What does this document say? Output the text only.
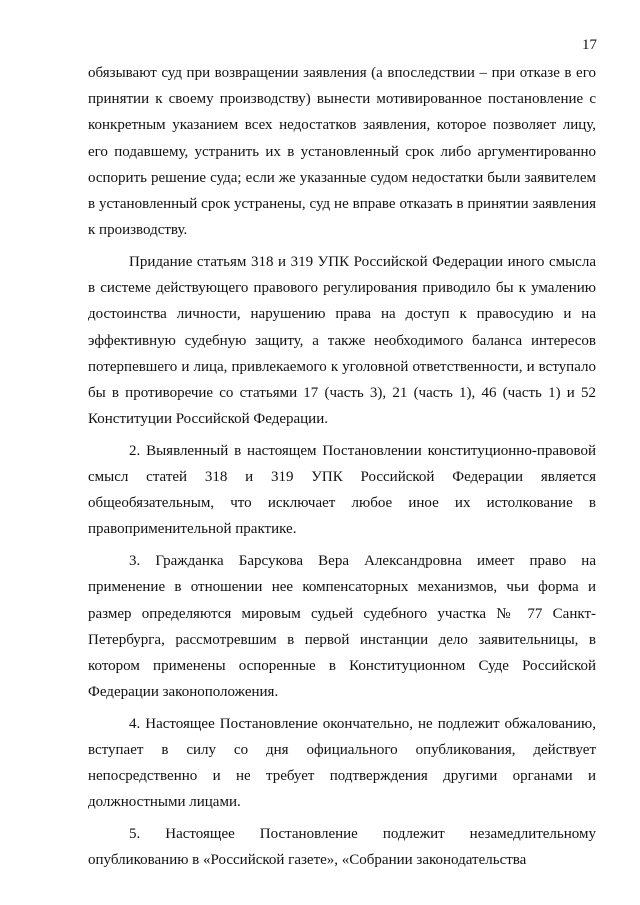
17

обязывают суд при возвращении заявления (а впоследствии – при отказе в его принятии к своему производству) вынести мотивированное постановление с конкретным указанием всех недостатков заявления, которое позволяет лицу, его подавшему, устранить их в установленный срок либо аргументированно оспорить решение суда; если же указанные судом недостатки были заявителем в установленный срок устранены, суд не вправе отказать в принятии заявления к производству.

Придание статьям 318 и 319 УПК Российской Федерации иного смысла в системе действующего правового регулирования приводило бы к умалению достоинства личности, нарушению права на доступ к правосудию и на эффективную судебную защиту, а также необходимого баланса интересов потерпевшего и лица, привлекаемого к уголовной ответственности, и вступало бы в противоречие со статьями 17 (часть 3), 21 (часть 1), 46 (часть 1) и 52 Конституции Российской Федерации.

2. Выявленный в настоящем Постановлении конституционно-правовой смысл статей 318 и 319 УПК Российской Федерации является общеобязательным, что исключает любое иное их истолкование в правоприменительной практике.

3. Гражданка Барсукова Вера Александровна имеет право на применение в отношении нее компенсаторных механизмов, чьи форма и размер определяются мировым судьей судебного участка № 77 Санкт-Петербурга, рассмотревшим в первой инстанции дело заявительницы, в котором применены оспоренные в Конституционном Суде Российской Федерации законоположения.

4. Настоящее Постановление окончательно, не подлежит обжалованию, вступает в силу со дня официального опубликования, действует непосредственно и не требует подтверждения другими органами и должностными лицами.

5. Настоящее Постановление подлежит незамедлительному опубликованию в «Российской газете», «Собрании законодательства
